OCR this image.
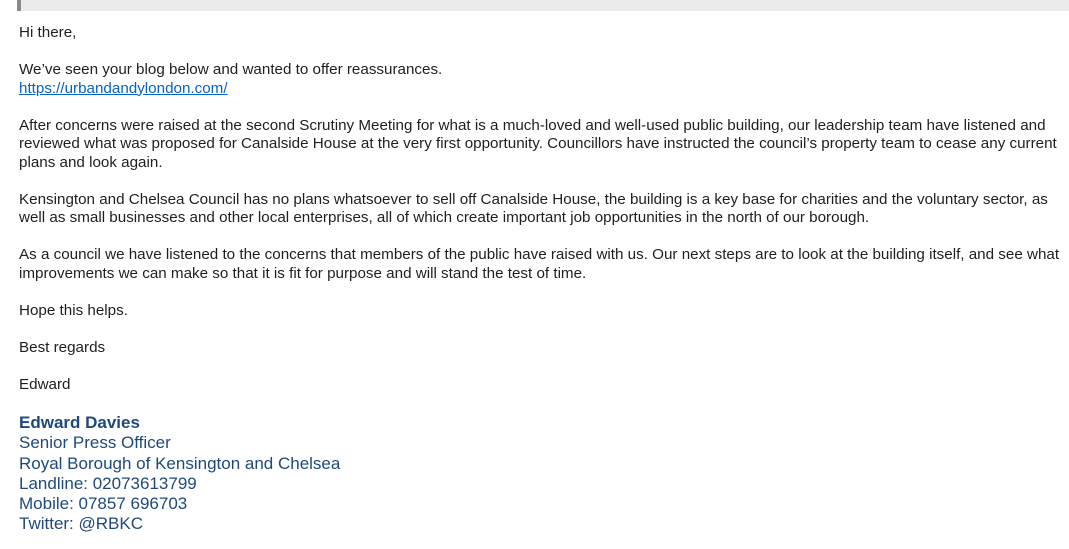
Hi there,

We’ve seen your blog below and wanted to offer reassurances.
https://urbandandylondon.com/

After concerns were raised at the second Scrutiny Meeting for what is a much-loved and well-used public building, our leadership team have listened and reviewed what was proposed for Canalside House at the very first opportunity. Councillors have instructed the council’s property team to cease any current plans and look again.

Kensington and Chelsea Council has no plans whatsoever to sell off Canalside House, the building is a key base for charities and the voluntary sector, as well as small businesses and other local enterprises, all of which create important job opportunities in the north of our borough.

As a council we have listened to the concerns that members of the public have raised with us. Our next steps are to look at the building itself, and see what improvements we can make so that it is fit for purpose and will stand the test of time.

Hope this helps.

Best regards

Edward

Edward Davies
Senior Press Officer
Royal Borough of Kensington and Chelsea
Landline: 02073613799
Mobile: 07857 696703
Twitter: @RBKC
